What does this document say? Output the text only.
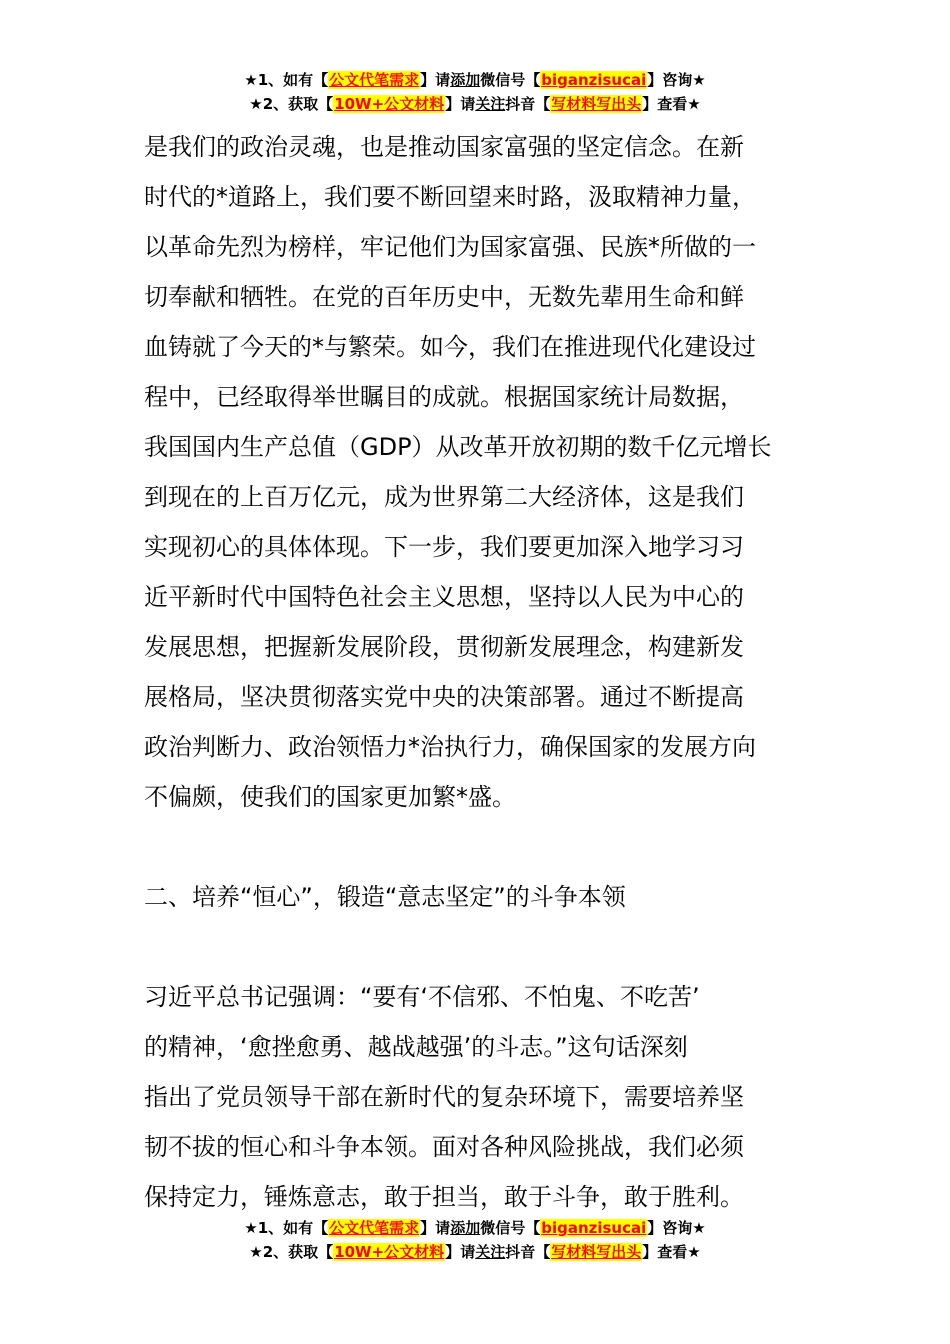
★1、如有【公文代笔需求】请添加微信号【biganzisucai】咨询★
★2、获取【10W+公文材料】请关注抖音【写材料写出头】查看★

是我们的政治灵魂，也是推动国家富强的坚定信念。在新
时代的*道路上，我们要不断回望来时路，汲取精神力量，
以革命先烈为榜样，牢记他们为国家富强、民族*所做的一
切奉献和牺牲。在党的百年历史中，无数先辈用生命和鲜
血铸就了今天的*与繁荣。如今，我们在推进现代化建设过
程中，已经取得举世瞩目的成就。根据国家统计局数据，
我国国内生产总值（GDP）从改革开放初期的数千亿元增长
到现在的上百万亿元，成为世界第二大经济体，这是我们
实现初心的具体体现。下一步，我们要更加深入地学习习
近平新时代中国特色社会主义思想，坚持以人民为中心的
发展思想，把握新发展阶段，贯彻新发展理念，构建新发
展格局，坚决贯彻落实党中央的决策部署。通过不断提高
政治判断力、政治领悟力*治执行力，确保国家的发展方向
不偏颇，使我们的国家更加繁*盛。

二、培养“恒心”，锻造“意志坚定”的斗争本领

习近平总书记强调：“要有‘不信邪、不怕鬼、不吃苦’
的精神，‘愈挫愈勇、越战越强’的斗志。”这句话深刻
指出了党员领导干部在新时代的复杂环境下，需要培养坚
韧不拔的恒心和斗争本领。面对各种风险挑战，我们必须
保持定力，锤炼意志，敢于担当，敢于斗争，敢于胜利。

★1、如有【公文代笔需求】请添加微信号【biganzisucai】咨询★
★2、获取【10W+公文材料】请关注抖音【写材料写出头】查看★
